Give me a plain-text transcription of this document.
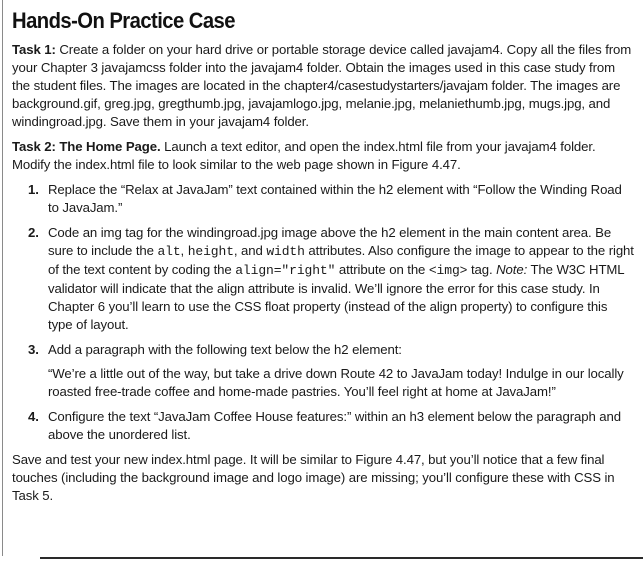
Hands-On Practice Case

Task 1: Create a folder on your hard drive or portable storage device called javajam4. Copy all the files from your Chapter 3 javajamcss folder into the javajam4 folder. Obtain the images used in this case study from the student files. The images are located in the chapter4/casestudystarters/javajam folder. The images are background.gif, greg.jpg, gregthumb.jpg, javajamlogo.jpg, melanie.jpg, melaniethumb.jpg, mugs.jpg, and windingroad.jpg. Save them in your javajam4 folder.

Task 2: The Home Page. Launch a text editor, and open the index.html file from your javajam4 folder. Modify the index.html file to look similar to the web page shown in Figure 4.47.

1. Replace the “Relax at JavaJam” text contained within the h2 element with “Follow the Winding Road to JavaJam.”
2. Code an img tag for the windingroad.jpg image above the h2 element in the main content area. Be sure to include the alt, height, and width attributes. Also configure the image to appear to the right of the text content by coding the align="right" attribute on the <img> tag. Note: The W3C HTML validator will indicate that the align attribute is invalid. We’ll ignore the error for this case study. In Chapter 6 you’ll learn to use the CSS float property (instead of the align property) to configure this type of layout.
3. Add a paragraph with the following text below the h2 element:
“We’re a little out of the way, but take a drive down Route 42 to JavaJam today! Indulge in our locally roasted free-trade coffee and home-made pastries. You’ll feel right at home at JavaJam!”
4. Configure the text “JavaJam Coffee House features:” within an h3 element below the paragraph and above the unordered list.

Save and test your new index.html page. It will be similar to Figure 4.47, but you’ll notice that a few final touches (including the background image and logo image) are missing; you’ll configure these with CSS in Task 5.
